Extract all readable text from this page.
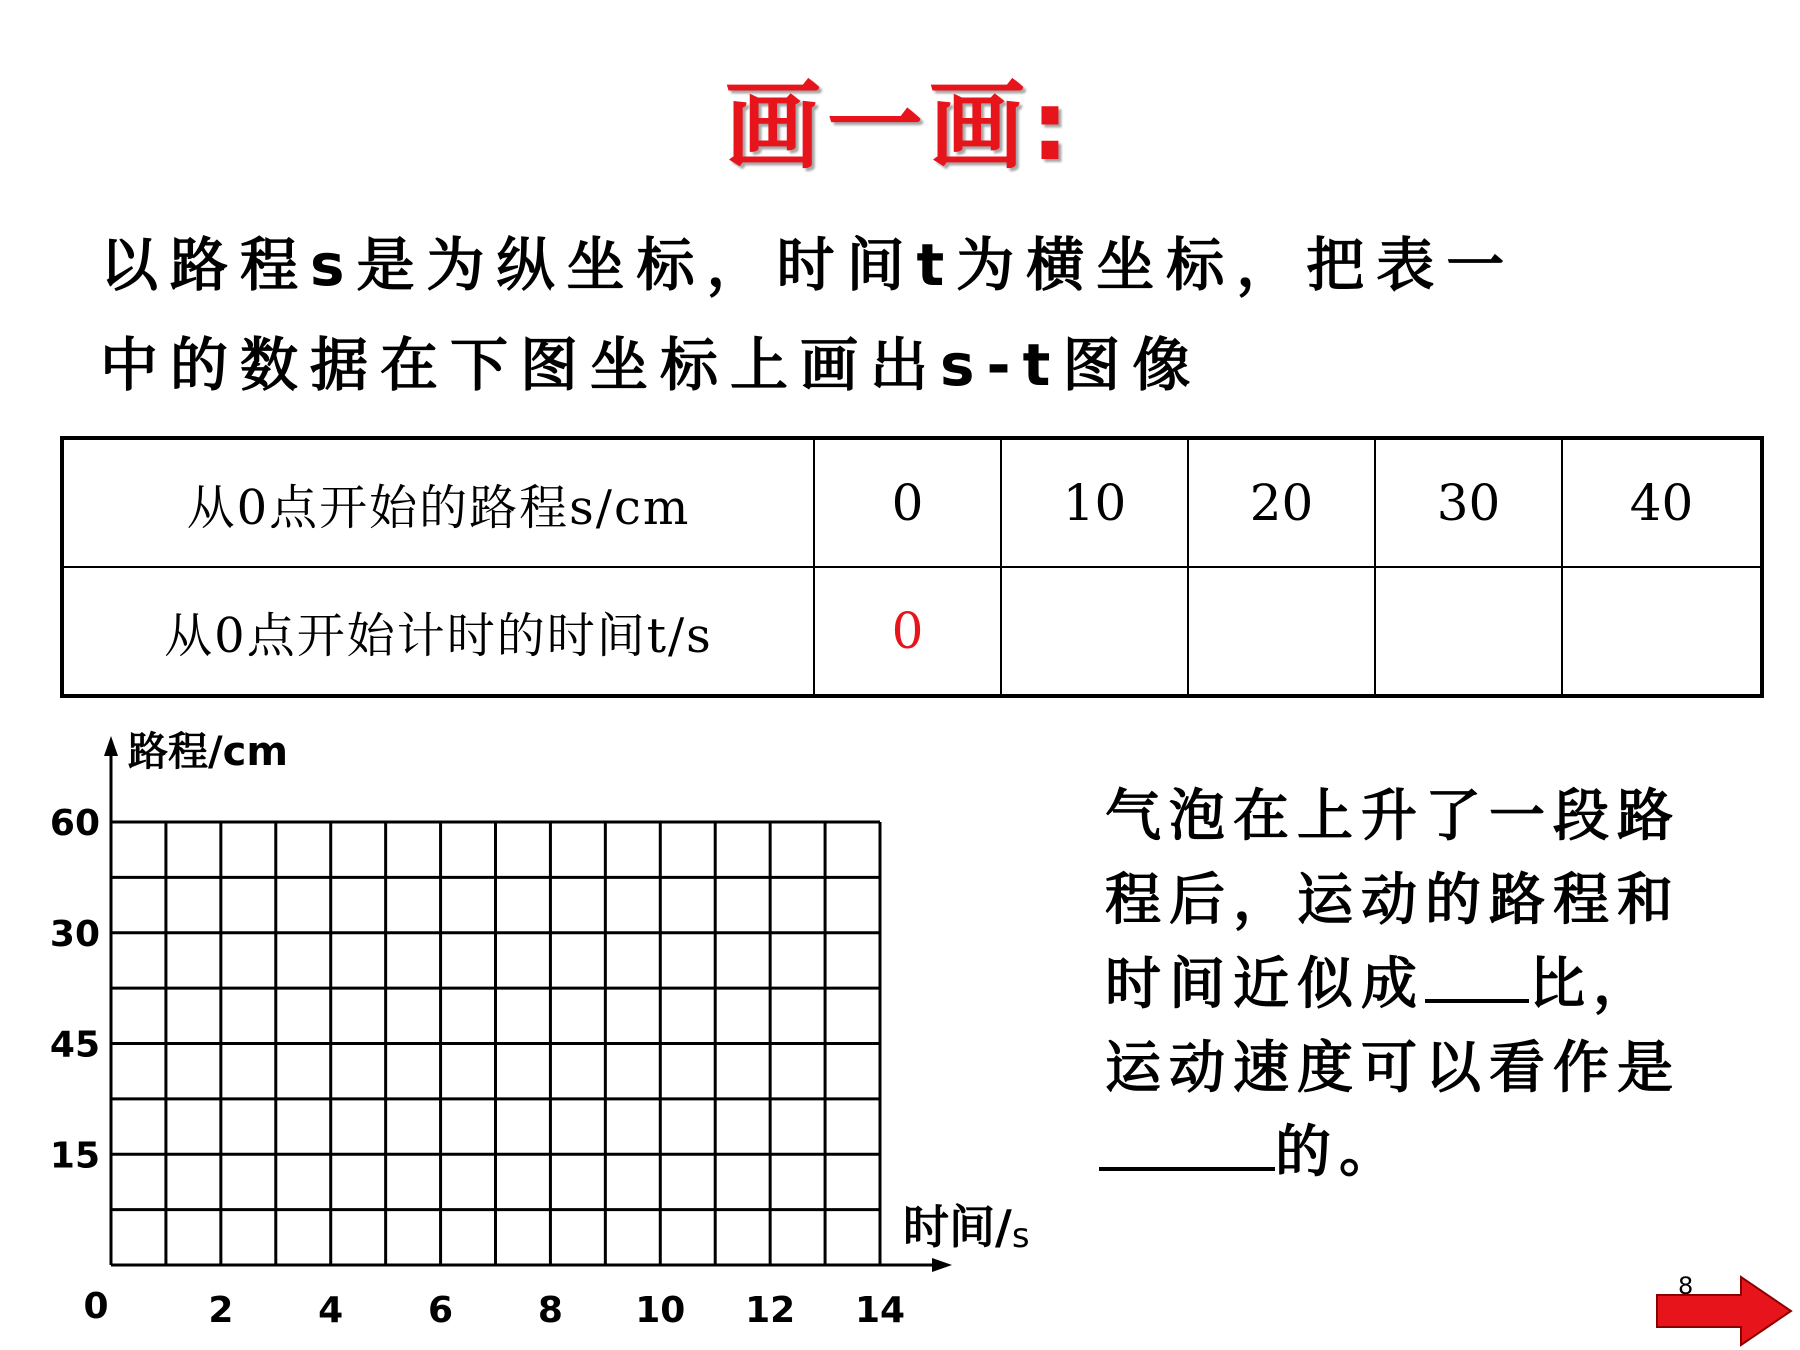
画一画:
以路程s是为纵坐标，时间t为横坐标，把表一
中的数据在下图坐标上画出s-t图像
从0点开始的路程s/cm	0	10	20	30	40
从0点开始计时的时间t/s	0				
路程/cm
时间/s
0	2 4 6 8 10 12 14
15
45
30
60	气泡在上升了一段路
程后，运动的路程和
时间近似成 比，
运动速度可以看作是
的。
8
